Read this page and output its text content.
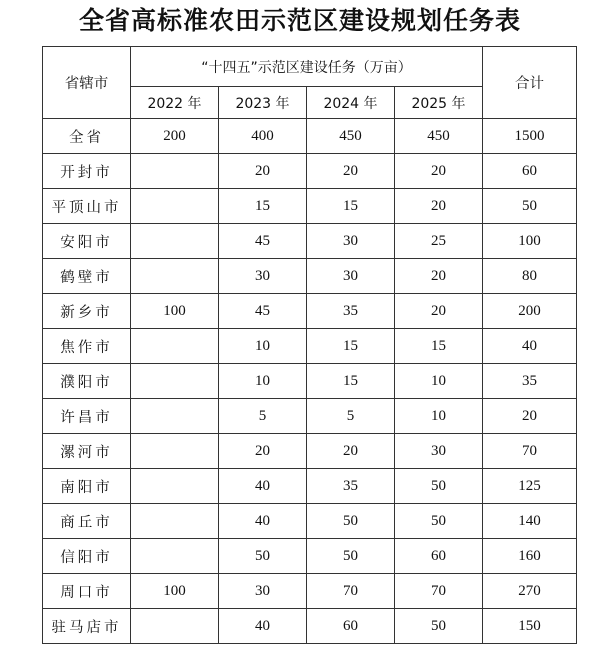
全省高标准农田示范区建设规划任务表
省辖市	“十四五”示范区建设任务（万亩）				合计
	2022 年	2023 年	2024 年	2025 年	
全省	200	400	450	450	1500
开封市		20	20	20	60
平顶山市		15	15	20	50
安阳市		45	30	25	100
鹤壁市		30	30	20	80
新乡市	100	45	35	20	200
焦作市		10	15	15	40
濮阳市		10	15	10	35
许昌市		5	5	10	20
漯河市		20	20	30	70
南阳市		40	35	50	125
商丘市		40	50	50	140
信阳市		50	50	60	160
周口市	100	30	70	70	270
驻马店市		40	60	50	150
